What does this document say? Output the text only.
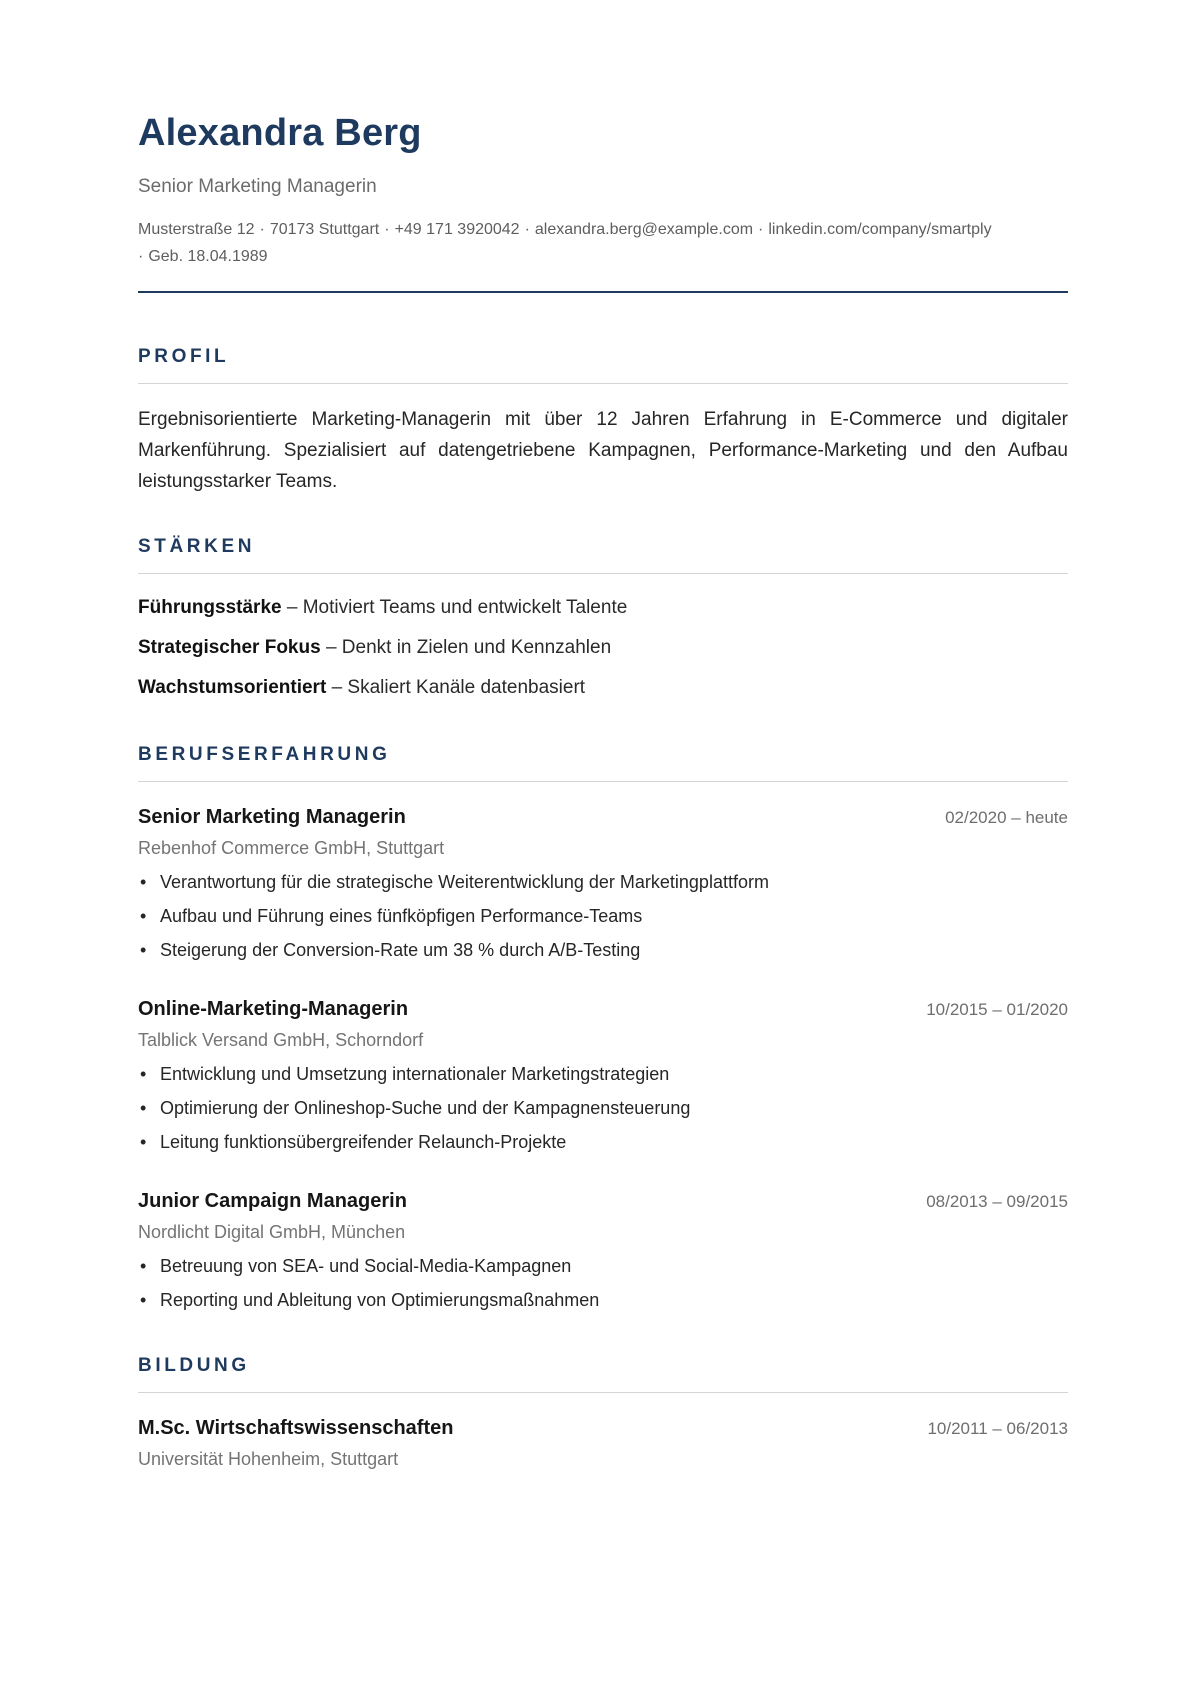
Alexandra Berg
Senior Marketing Managerin
Musterstraße 12 · 70173 Stuttgart · +49 171 3920042 · alexandra.berg@example.com · linkedin.com/company/smartply
· Geb. 18.04.1989
PROFIL

Ergebnisorientierte Marketing-Managerin mit über 12 Jahren Erfahrung in E-Commerce und digitaler Markenführung. Spezialisiert auf datengetriebene Kampagnen, Performance-Marketing und den Aufbau leistungsstarker Teams.

STÄRKEN
Führungsstärke – Motiviert Teams und entwickelt Talente
Strategischer Fokus – Denkt in Zielen und Kennzahlen
Wachstumsorientiert – Skaliert Kanäle datenbasiert
BERUFSERFAHRUNG
Senior Marketing Managerin	02/2020 – heute
Rebenhof Commerce GmbH, Stuttgart
• Verantwortung für die strategische Weiterentwicklung der Marketingplattform
• Aufbau und Führung eines fünfköpfigen Performance-Teams
• Steigerung der Conversion-Rate um 38 % durch A/B-Testing
Online-Marketing-Managerin	10/2015 – 01/2020
Talblick Versand GmbH, Schorndorf
• Entwicklung und Umsetzung internationaler Marketingstrategien
• Optimierung der Onlineshop-Suche und der Kampagnensteuerung
• Leitung funktionsübergreifender Relaunch-Projekte
Junior Campaign Managerin	08/2013 – 09/2015
Nordlicht Digital GmbH, München
• Betreuung von SEA- und Social-Media-Kampagnen
• Reporting und Ableitung von Optimierungsmaßnahmen
BILDUNG
M.Sc. Wirtschaftswissenschaften	10/2011 – 06/2013
Universität Hohenheim, Stuttgart
